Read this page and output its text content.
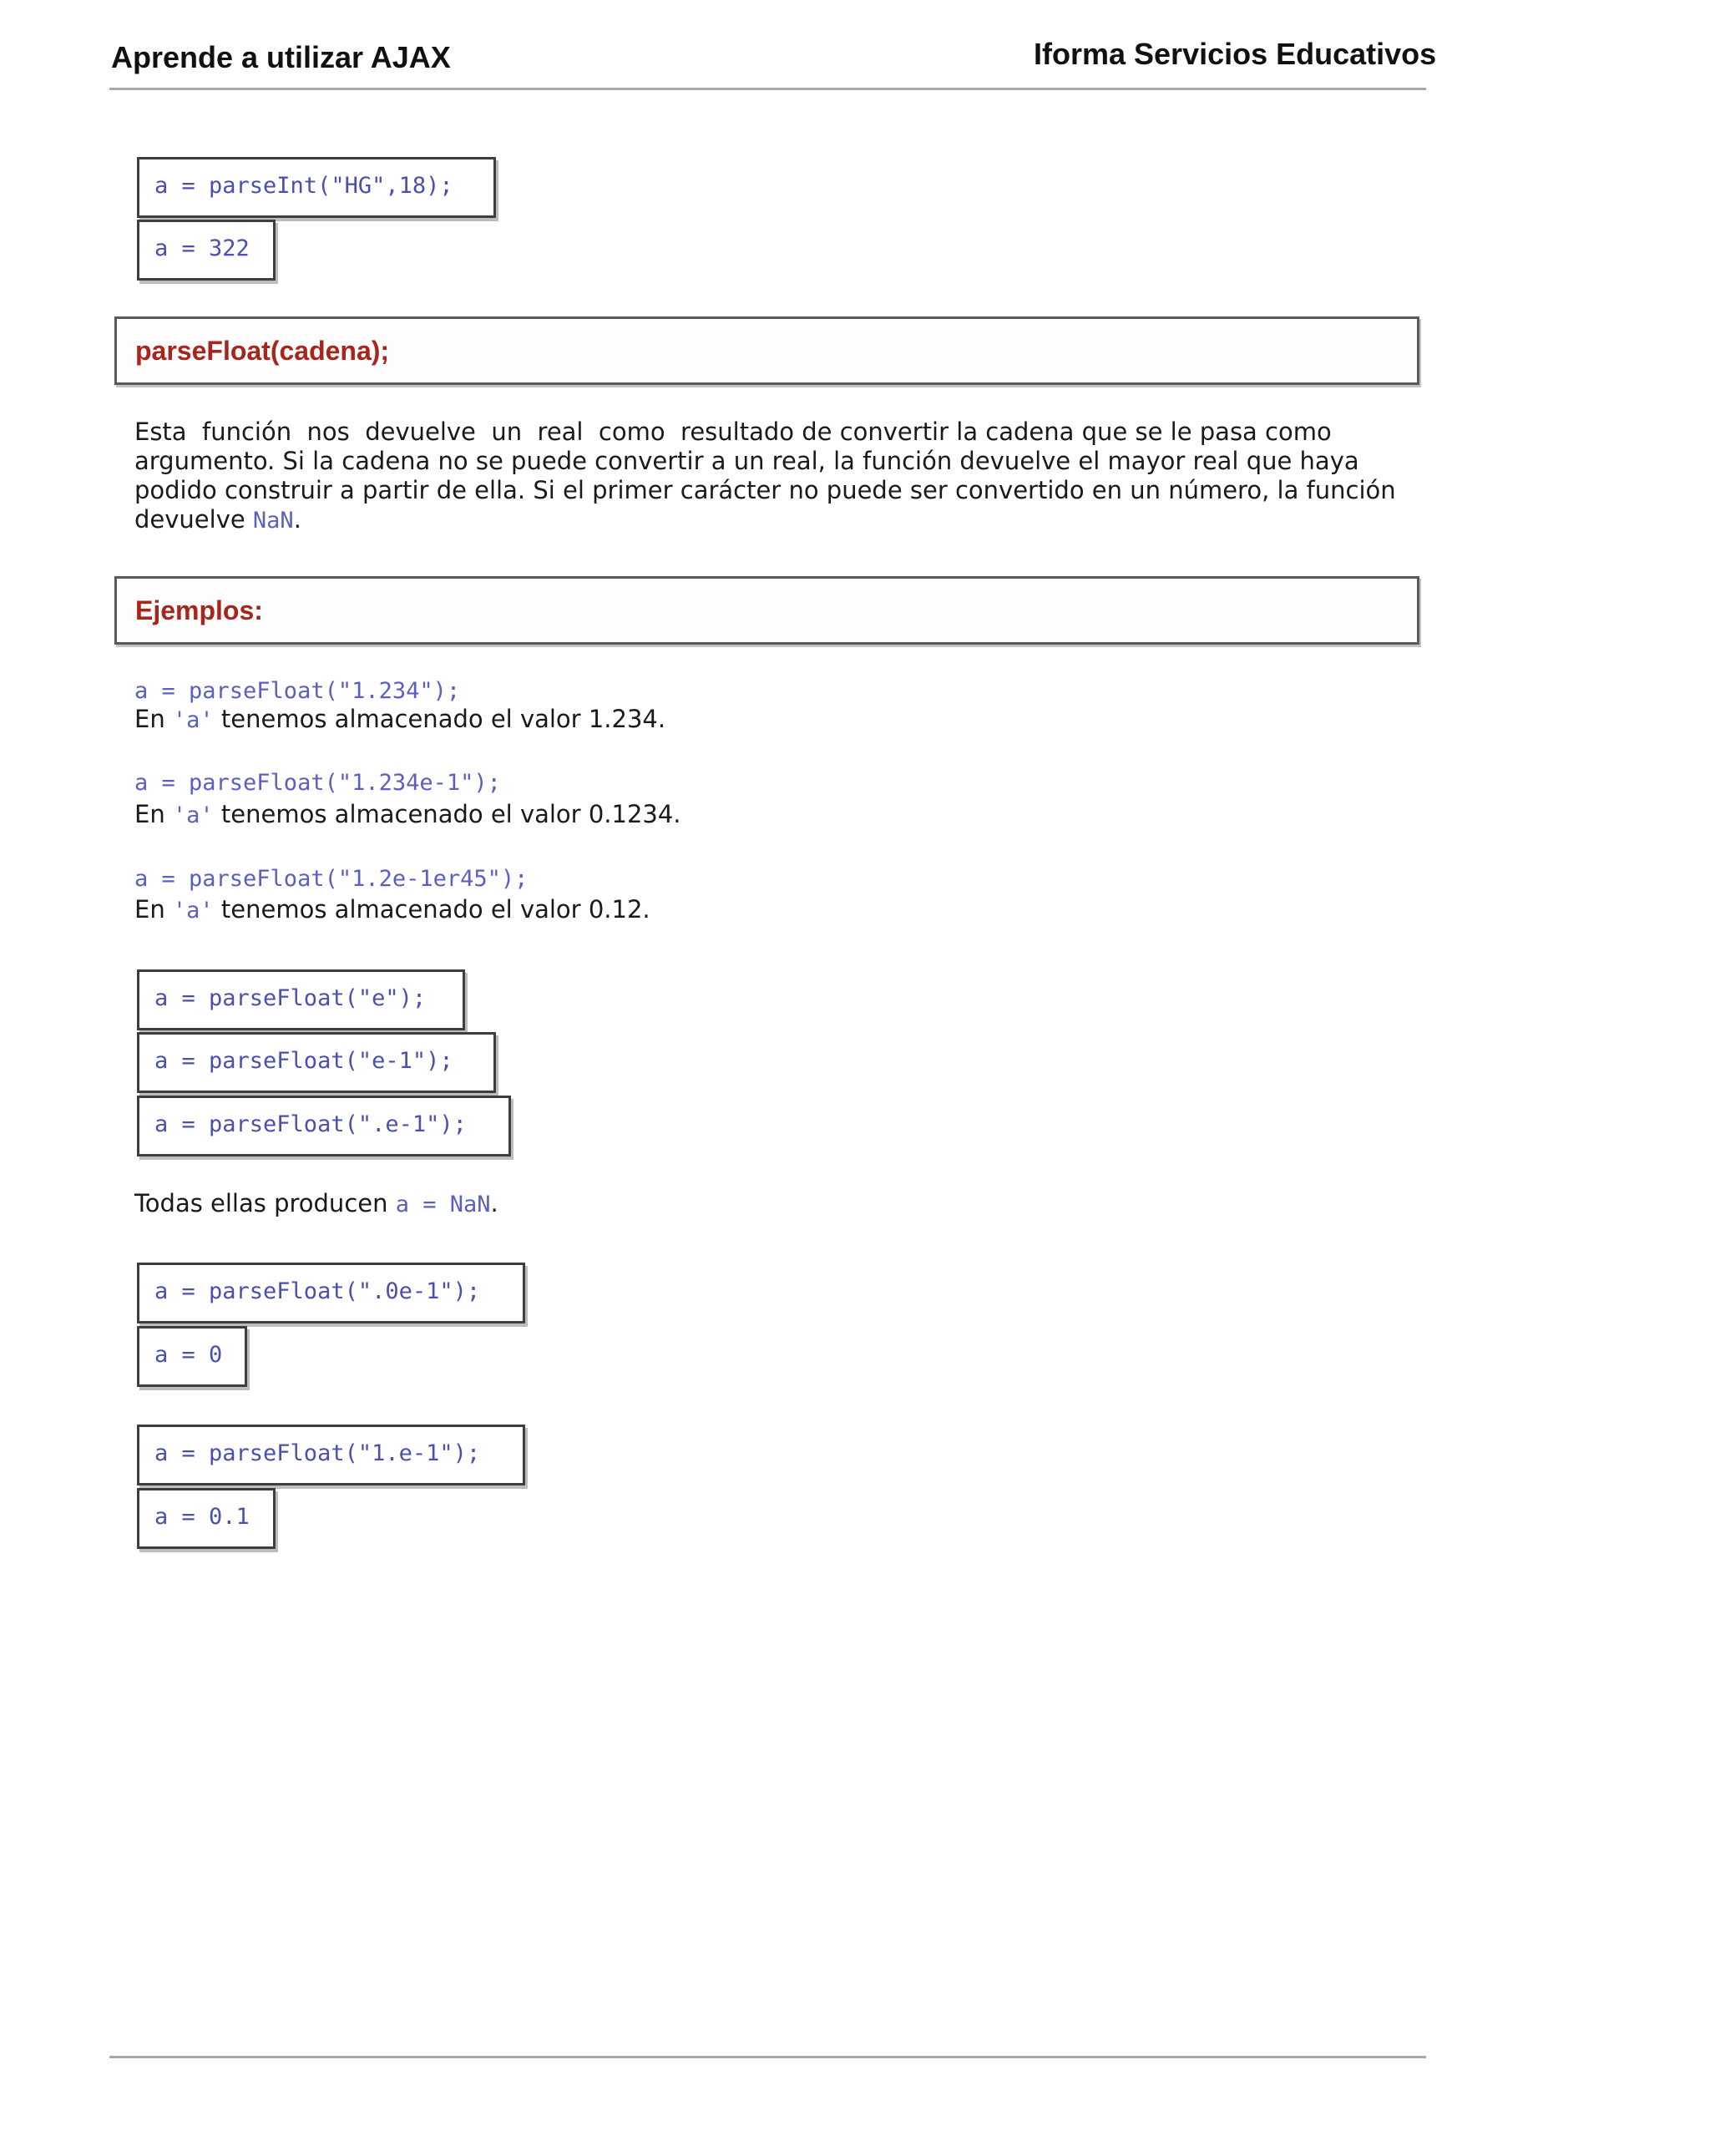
Aprende a utilizar AJAX	Iforma Servicios Educativos
a = parseInt("HG",18);
a = 322
parseFloat(cadena);
Esta  función  nos  devuelve  un  real  como  resultado de convertir la cadena que se le pasa como
argumento. Si la cadena no se puede convertir a un real, la función devuelve el mayor real que haya
podido construir a partir de ella. Si el primer carácter no puede ser convertido en un número, la función
devuelve NaN.
Ejemplos:
a = parseFloat("1.234");
En 'a' tenemos almacenado el valor 1.234.
a = parseFloat("1.234e-1");
En 'a' tenemos almacenado el valor 0.1234.
a = parseFloat("1.2e-1er45");
En 'a' tenemos almacenado el valor 0.12.
a = parseFloat("e");
a = parseFloat("e-1");
a = parseFloat(".e-1");
Todas ellas producen a = NaN.
a = parseFloat(".0e-1");
a = 0
a = parseFloat("1.e-1");
a = 0.1
